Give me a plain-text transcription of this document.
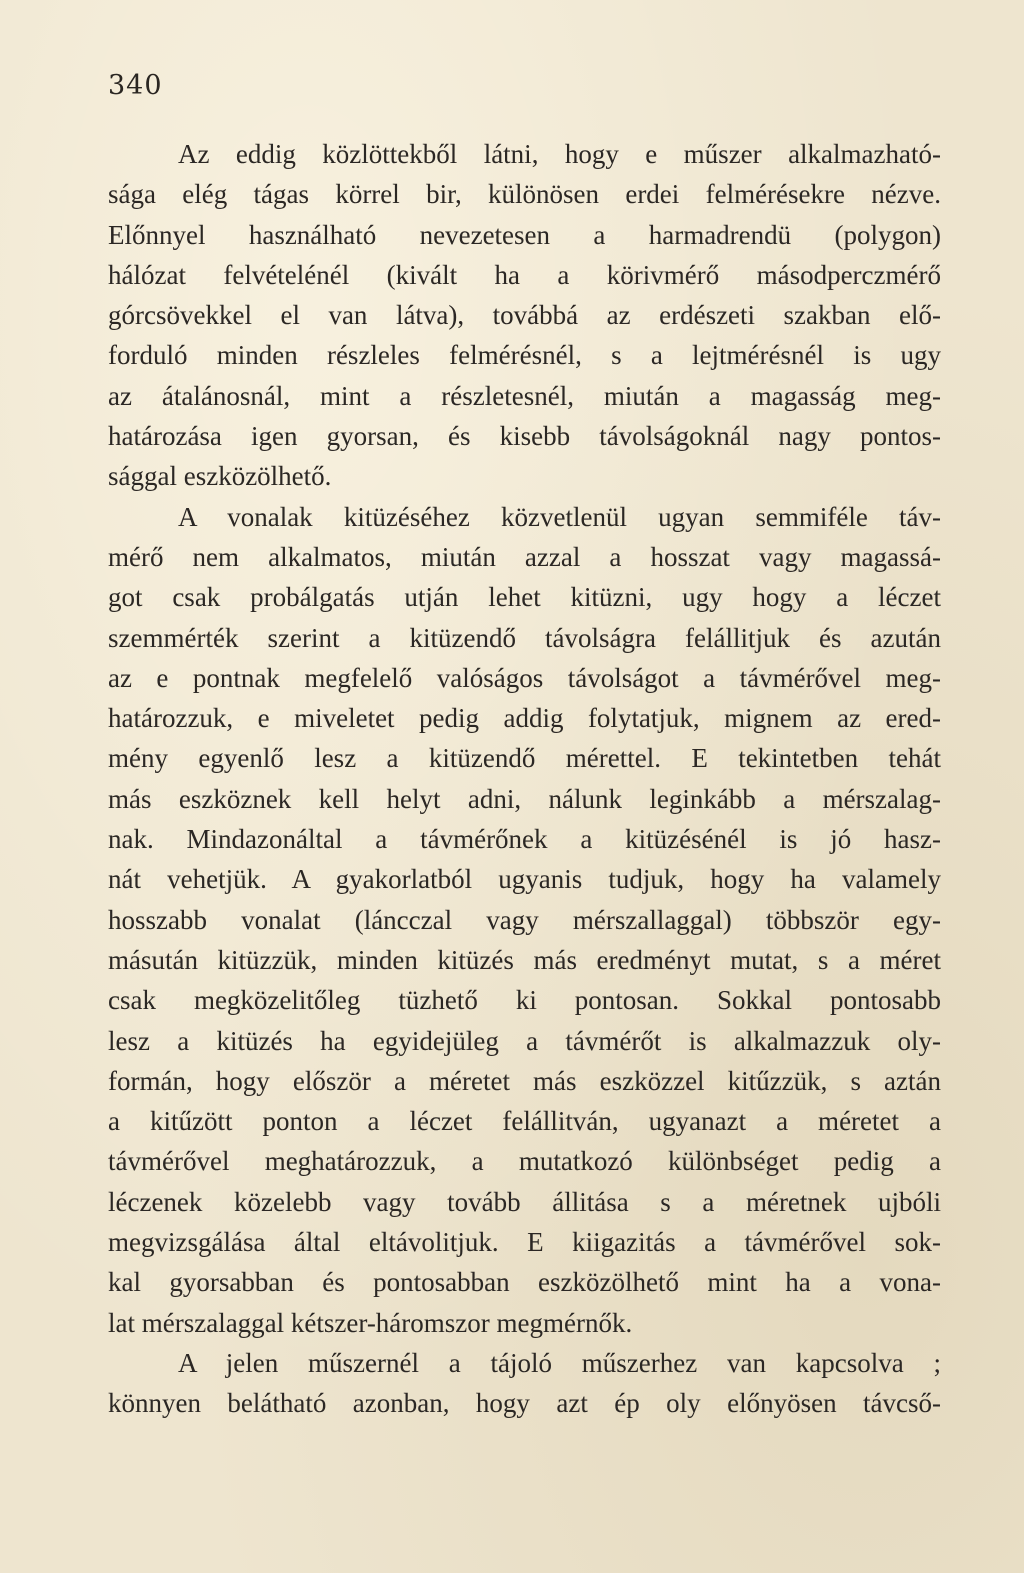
340
Az eddig közlöttekből látni, hogy e műszer alkalmazható-
sága elég tágas körrel bir, különösen erdei felmérésekre nézve.
Előnnyel használható nevezetesen a harmadrendü (polygon)
hálózat felvételénél (kivált ha a körivmérő másodperczmérő
górcsövekkel el van látva), továbbá az erdészeti szakban elő-
forduló minden részleles felmérésnél, s a lejtmérésnél is ugy
az átalánosnál, mint a részletesnél, miután a magasság meg-
határozása igen gyorsan, és kisebb távolságoknál nagy pontos-
sággal eszközölhető.
A vonalak kitüzéséhez közvetlenül ugyan semmiféle táv-
mérő nem alkalmatos, miután azzal a hosszat vagy magassá-
got csak probálgatás utján lehet kitüzni, ugy hogy a léczet
szemmérték szerint a kitüzendő távolságra felállitjuk és azután
az e pontnak megfelelő valóságos távolságot a távmérővel meg-
határozzuk, e miveletet pedig addig folytatjuk, mignem az ered-
mény egyenlő lesz a kitüzendő mérettel. E tekintetben tehát
más eszköznek kell helyt adni, nálunk leginkább a mérszalag-
nak. Mindazonáltal a távmérőnek a kitüzésénél is jó hasz-
nát vehetjük. A gyakorlatból ugyanis tudjuk, hogy ha valamely
hosszabb vonalat (láncczal vagy mérszallaggal) többször egy-
másután kitüzzük, minden kitüzés más eredményt mutat, s a méret
csak megközelitőleg tüzhető ki pontosan. Sokkal pontosabb
lesz a kitüzés ha egyidejüleg a távmérőt is alkalmazzuk oly-
formán, hogy először a méretet más eszközzel kitűzzük, s aztán
a kitűzött ponton a léczet felállitván, ugyanazt a méretet a
távmérővel meghatározzuk, a mutatkozó különbséget pedig a
léczenek közelebb vagy tovább állitása s a méretnek ujbóli
megvizsgálása által eltávolitjuk. E kiigazitás a távmérővel sok-
kal gyorsabban és pontosabban eszközölhető mint ha a vona-
lat mérszalaggal kétszer-háromszor megmérnők.
A jelen műszernél a tájoló műszerhez van kapcsolva ;
könnyen belátható azonban, hogy azt ép oly előnyösen távcső-
